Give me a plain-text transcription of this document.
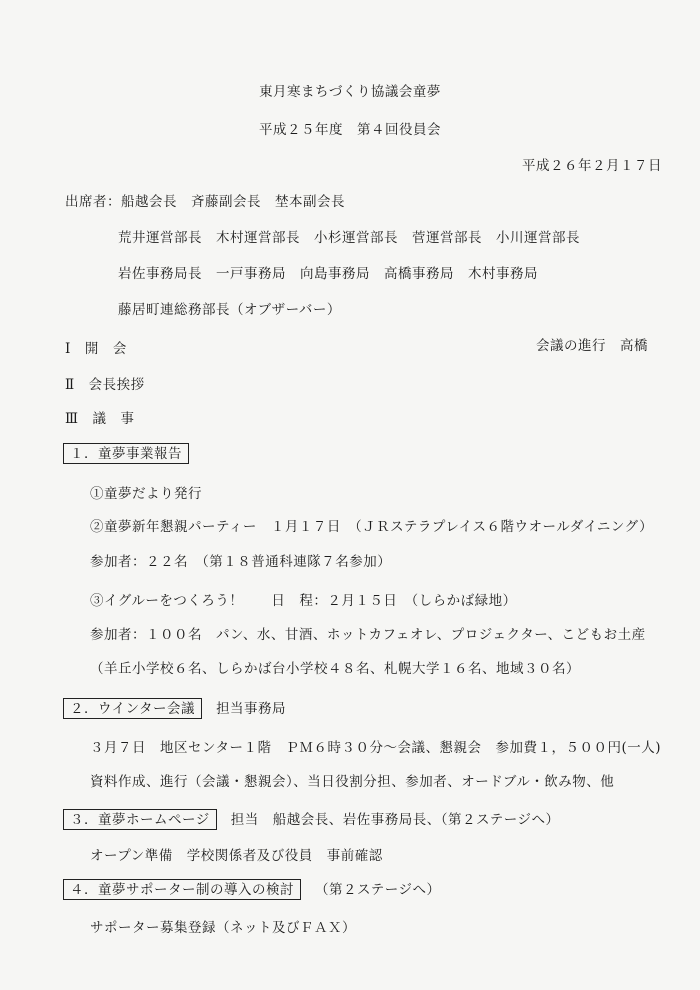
東月寒まちづくり協議会童夢
平成２５年度　第４回役員会
平成２６年２月１７日
出席者：船越会長　斉藤副会長　埜本副会長
荒井運営部長　木村運営部長　小杉運営部長　菅運営部長　小川運営部長
岩佐事務局長　一戸事務局　向島事務局　高橋事務局　木村事務局
藤居町連総務部長（オブザーバー）
Ⅰ　開　会	会議の進行　高橋
Ⅱ　会長挨拶
Ⅲ　議　事
１．童夢事業報告
①童夢だより発行
②童夢新年懇親パーティー　１月１７日　（ＪＲステラプレイス６階ウオールダイニング）
参加者：２２名　（第１８普通科連隊７名参加）
③イグルーをつくろう！　　日　程：２月１５日　（しらかば緑地）
参加者：１００名　パン、水、甘酒、ホットカフェオレ、プロジェクター、こどもお土産
（羊丘小学校６名、しらかば台小学校４８名、札幌大学１６名、地域３０名）
２．ウインター会議 担当事務局
３月７日　地区センター１階　ＰＭ６時３０分～会議、懇親会　参加費１，５００円(一人)
資料作成、進行（会議・懇親会）、当日役割分担、参加者、オードブル・飲み物、他
３．童夢ホームページ 担当　船越会長、岩佐事務局長、（第２ステージへ）
オープン準備　学校関係者及び役員　事前確認
４．童夢サポーター制の導入の検討 （第２ステージへ）
サポーター募集登録（ネット及びＦＡＸ）
